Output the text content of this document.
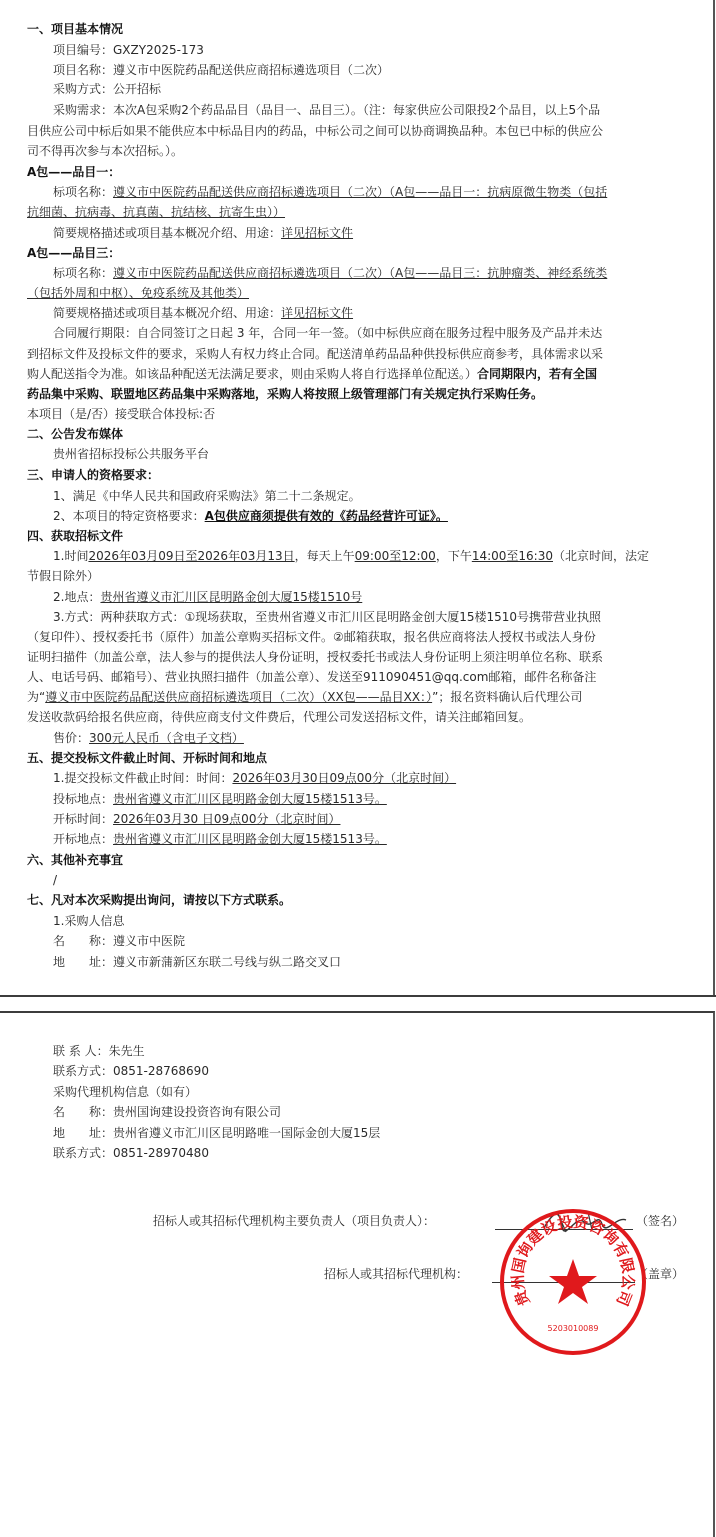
一、项目基本情况
项目编号：GXZY2025-173
项目名称：遵义市中医院药品配送供应商招标遴选项目（二次）
采购方式：公开招标
采购需求：本次A包采购2个药品品目（品目一、品目三）。（注：每家供应公司限投2个品目，以上5个品
目供应公司中标后如果不能供应本中标品目内的药品，中标公司之间可以协商调换品种。本包已中标的供应公
司不得再次参与本次招标。）。
A包——品目一：
标项名称：遵义市中医院药品配送供应商招标遴选项目（二次）（A包——品目一：抗病原微生物类（包括
抗细菌、抗病毒、抗真菌、抗结核、抗寄生虫））
简要规格描述或项目基本概况介绍、用途：详见招标文件
A包——品目三：
标项名称：遵义市中医院药品配送供应商招标遴选项目（二次）（A包——品目三：抗肿瘤类、神经系统类
（包括外周和中枢）、免疫系统及其他类）
简要规格描述或项目基本概况介绍、用途：详见招标文件
合同履行期限：自合同签订之日起 3 年，合同一年一签。（如中标供应商在服务过程中服务及产品并未达
到招标文件及投标文件的要求，采购人有权力终止合同。配送清单药品品种供投标供应商参考，具体需求以采
购人配送指令为准。如该品种配送无法满足要求，则由采购人将自行选择单位配送。）合同期限内，若有全国
药品集中采购、联盟地区药品集中采购落地，采购人将按照上级管理部门有关规定执行采购任务。
本项目（是/否）接受联合体投标:否
二、公告发布媒体
贵州省招标投标公共服务平台
三、申请人的资格要求：
1、满足《中华人民共和国政府采购法》第二十二条规定。
2、本项目的特定资格要求：A包供应商须提供有效的《药品经营许可证》。
四、获取招标文件
1.时间2026年03月09日至2026年03月13日，每天上午09:00至12:00，下午14:00至16:30（北京时间，法定
节假日除外）
2.地点：贵州省遵义市汇川区昆明路金创大厦15楼1510号
3.方式：两种获取方式：①现场获取，至贵州省遵义市汇川区昆明路金创大厦15楼1510号携带营业执照
（复印件）、授权委托书（原件）加盖公章购买招标文件。②邮箱获取，报名供应商将法人授权书或法人身份
证明扫描件（加盖公章，法人参与的提供法人身份证明，授权委托书或法人身份证明上须注明单位名称、联系
人、电话号码、邮箱号）、营业执照扫描件（加盖公章）、发送至911090451@qq.com邮箱，邮件名称备注
为“遵义市中医院药品配送供应商招标遴选项目（二次）（XX包——品目XX：）”；报名资料确认后代理公司
发送收款码给报名供应商，待供应商支付文件费后，代理公司发送招标文件，请关注邮箱回复。
售价：300元人民币（含电子文档）
五、提交投标文件截止时间、开标时间和地点
1.提交投标文件截止时间：时间：2026年03月30日09点00分（北京时间）
投标地点：贵州省遵义市汇川区昆明路金创大厦15楼1513号。
开标时间：2026年03月30 日09点00分（北京时间）
开标地点：贵州省遵义市汇川区昆明路金创大厦15楼1513号。
六、其他补充事宜
/
七、凡对本次采购提出询问，请按以下方式联系。
1.采购人信息
名　　称：遵义市中医院
地　　址：遵义市新蒲新区东联二号线与纵二路交叉口
联 系 人：朱先生
联系方式：0851-28768690
采购代理机构信息（如有）
名　　称：贵州国询建设投资咨询有限公司
地　　址：贵州省遵义市汇川区昆明路唯一国际金创大厦15层
联系方式：0851-28970480
招标人或其招标代理机构主要负责人（项目负责人）：	（签名）
招标人或其招标代理机构：	（盖章）
贵州国询建设投资咨询有限公司
5203010089
